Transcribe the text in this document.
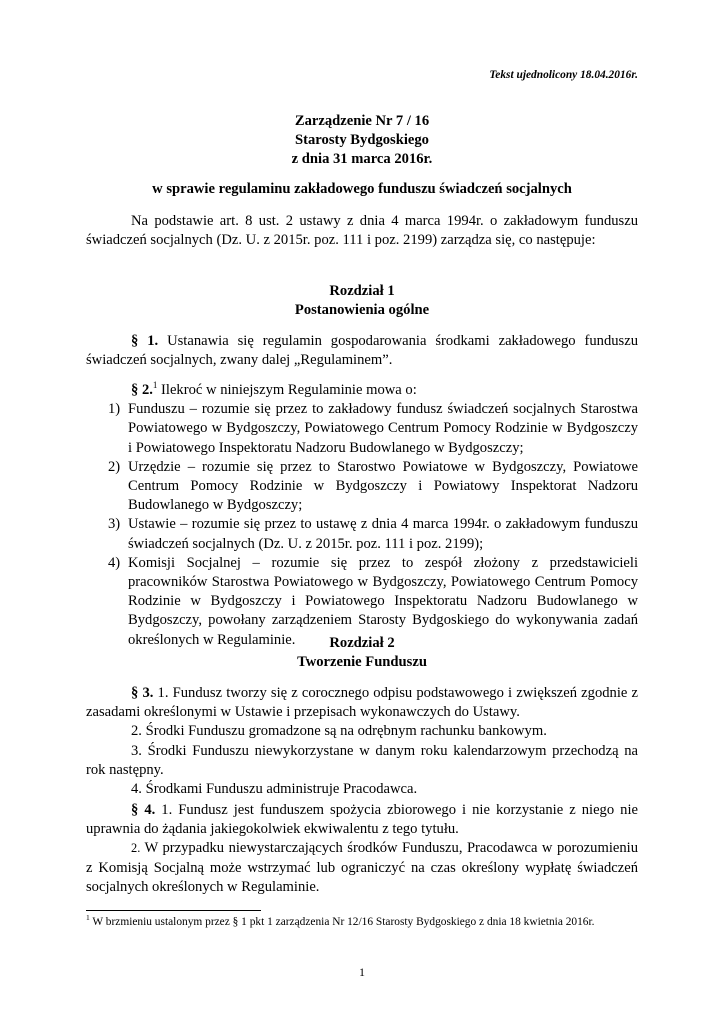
Tekst ujednolicony 18.04.2016r.
Zarządzenie Nr 7 / 16
Starosty Bydgoskiego
z dnia 31 marca 2016r.
w sprawie regulaminu zakładowego funduszu świadczeń socjalnych
Na podstawie art. 8 ust. 2 ustawy z dnia 4 marca 1994r. o zakładowym funduszu świadczeń socjalnych (Dz. U. z 2015r. poz. 111 i poz. 2199) zarządza się, co następuje:
Rozdział 1
Postanowienia ogólne
§ 1. Ustanawia się regulamin gospodarowania środkami zakładowego funduszu świadczeń socjalnych, zwany dalej „Regulaminem”.
§ 2.$^1$ Ilekroć w niniejszym Regulaminie mowa o:
1) Funduszu – rozumie się przez to zakładowy fundusz świadczeń socjalnych Starostwa Powiatowego w Bydgoszczy, Powiatowego Centrum Pomocy Rodzinie w Bydgoszczy i Powiatowego Inspektoratu Nadzoru Budowlanego w Bydgoszczy;
2) Urzędzie – rozumie się przez to Starostwo Powiatowe w Bydgoszczy, Powiatowe Centrum Pomocy Rodzinie w Bydgoszczy i Powiatowy Inspektorat Nadzoru Budowlanego w Bydgoszczy;
3) Ustawie – rozumie się przez to ustawę z dnia 4 marca 1994r. o zakładowym funduszu świadczeń socjalnych (Dz. U. z 2015r. poz. 111 i poz. 2199);
4) Komisji Socjalnej – rozumie się przez to zespół złożony z przedstawicieli pracowników Starostwa Powiatowego w Bydgoszczy, Powiatowego Centrum Pomocy Rodzinie w Bydgoszczy i Powiatowego Inspektoratu Nadzoru Budowlanego w Bydgoszczy, powołany zarządzeniem Starosty Bydgoskiego do wykonywania zadań określonych w Regulaminie.	Rozdział 2
Tworzenie Funduszu
§ 3. 1. Fundusz tworzy się z corocznego odpisu podstawowego i zwiększeń zgodnie z zasadami określonymi w Ustawie i przepisach wykonawczych do Ustawy.
2. Środki Funduszu gromadzone są na odrębnym rachunku bankowym.
3. Środki Funduszu niewykorzystane w danym roku kalendarzowym przechodzą na rok następny.
4. Środkami Funduszu administruje Pracodawca.
§ 4. 1. Fundusz jest funduszem spożycia zbiorowego i nie korzystanie z niego nie uprawnia do żądania jakiegokolwiek ekwiwalentu z tego tytułu.
2. W przypadku niewystarczających środków Funduszu, Pracodawca w porozumieniu z Komisją Socjalną może wstrzymać lub ograniczyć na czas określony wypłatę świadczeń socjalnych określonych w Regulaminie.
$^1$ W brzmieniu ustalonym przez § 1 pkt 1 zarządzenia Nr 12/16 Starosty Bydgoskiego z dnia 18 kwietnia 2016r.
1
